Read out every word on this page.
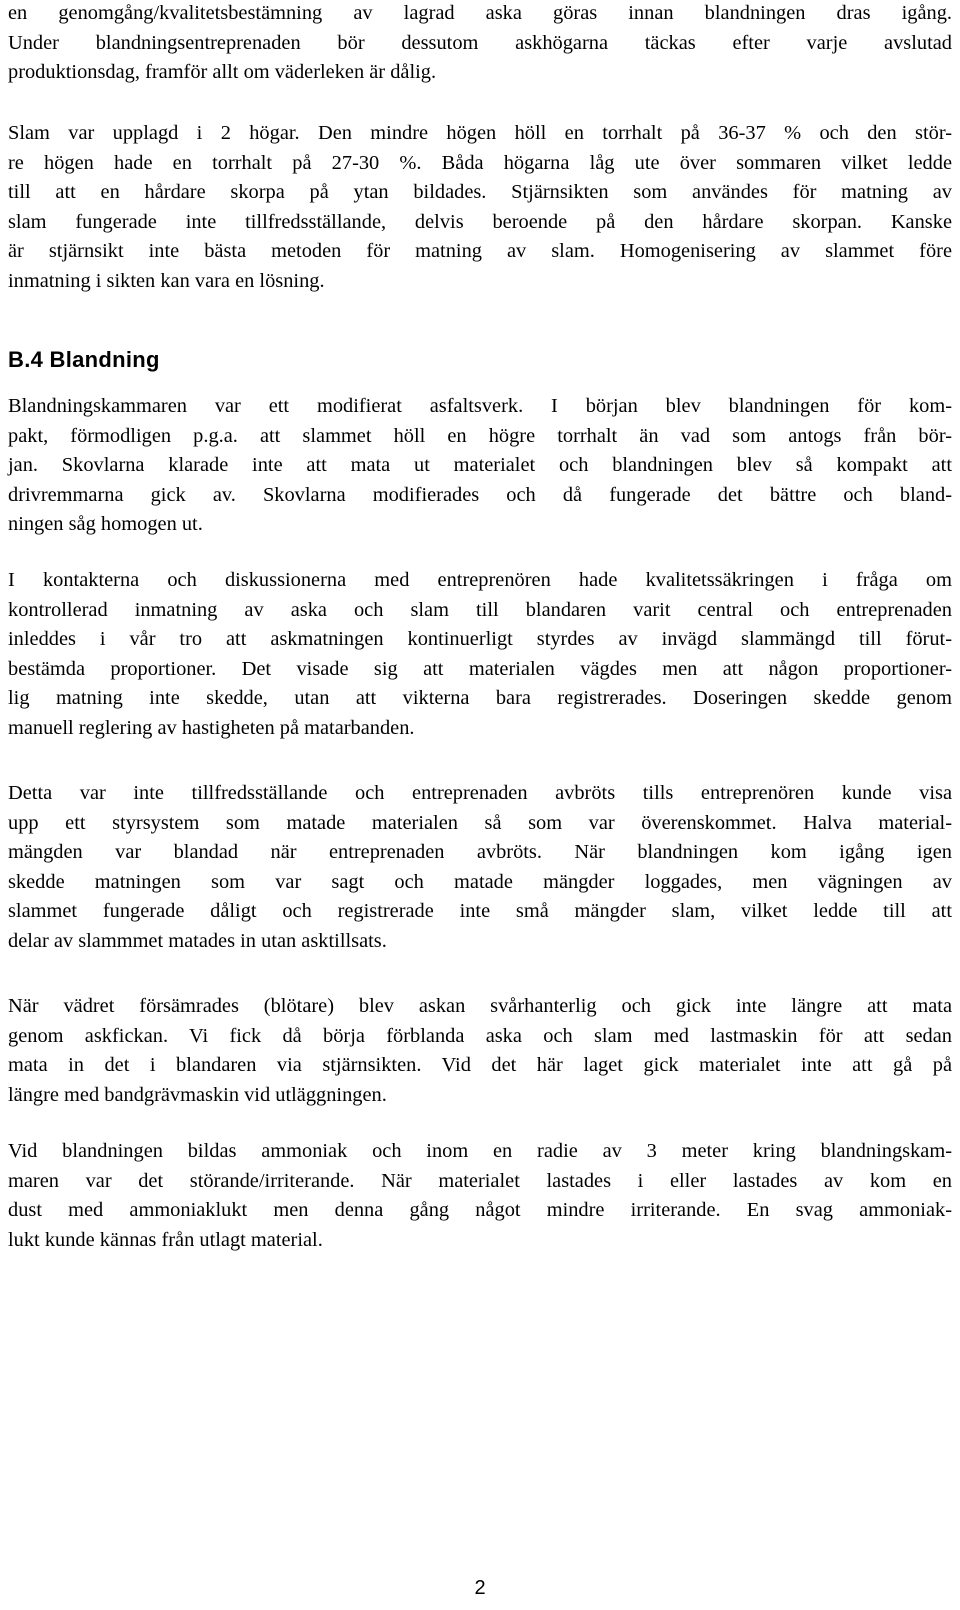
en genomgång/kvalitetsbestämning av lagrad aska göras innan blandningen dras igång.
Under blandningsentreprenaden bör dessutom askhögarna täckas efter varje avslutad
produktionsdag, framför allt om väderleken är dålig.

Slam var upplagd i 2 högar. Den mindre högen höll en torrhalt på 36-37 % och den stör-
re högen hade en torrhalt på 27-30 %. Båda högarna låg ute över sommaren vilket ledde
till att en hårdare skorpa på ytan bildades. Stjärnsikten som användes för matning av
slam fungerade inte tillfredsställande, delvis beroende på den hårdare skorpan. Kanske
är stjärnsikt inte bästa metoden för matning av slam. Homogenisering av slammet före
inmatning i sikten kan vara en lösning.

B.4 Blandning

Blandningskammaren var ett modifierat asfaltsverk. I början blev blandningen för kom-
pakt, förmodligen p.g.a. att slammet höll en högre torrhalt än vad som antogs från bör-
jan. Skovlarna klarade inte att mata ut materialet och blandningen blev så kompakt att
drivremmarna gick av. Skovlarna modifierades och då fungerade det bättre och bland-
ningen såg homogen ut.

I kontakterna och diskussionerna med entreprenören hade kvalitetssäkringen i fråga om
kontrollerad inmatning av aska och slam till blandaren varit central och entreprenaden
inleddes i vår tro att askmatningen kontinuerligt styrdes av invägd slammängd till förut-
bestämda proportioner. Det visade sig att materialen vägdes men att någon proportioner-
lig matning inte skedde, utan att vikterna bara registrerades. Doseringen skedde genom
manuell reglering av hastigheten på matarbanden.

Detta var inte tillfredsställande och entreprenaden avbröts tills entreprenören kunde visa
upp ett styrsystem som matade materialen så som var överenskommet. Halva material-
mängden var blandad när entreprenaden avbröts. När blandningen kom igång igen
skedde matningen som var sagt och matade mängder loggades, men vägningen av
slammet fungerade dåligt och registrerade inte små mängder slam, vilket ledde till att
delar av slammmet matades in utan asktillsats.

När vädret försämrades (blötare) blev askan svårhanterlig och gick inte längre att mata
genom askfickan. Vi fick då börja förblanda aska och slam med lastmaskin för att sedan
mata in det i blandaren via stjärnsikten. Vid det här laget gick materialet inte att gå på
längre med bandgrävmaskin vid utläggningen.

Vid blandningen bildas ammoniak och inom en radie av 3 meter kring blandningskam-
maren var det störande/irriterande. När materialet lastades i eller lastades av kom en
dust med ammoniaklukt men denna gång något mindre irriterande. En svag ammoniak-
lukt kunde kännas från utlagt material.

2
